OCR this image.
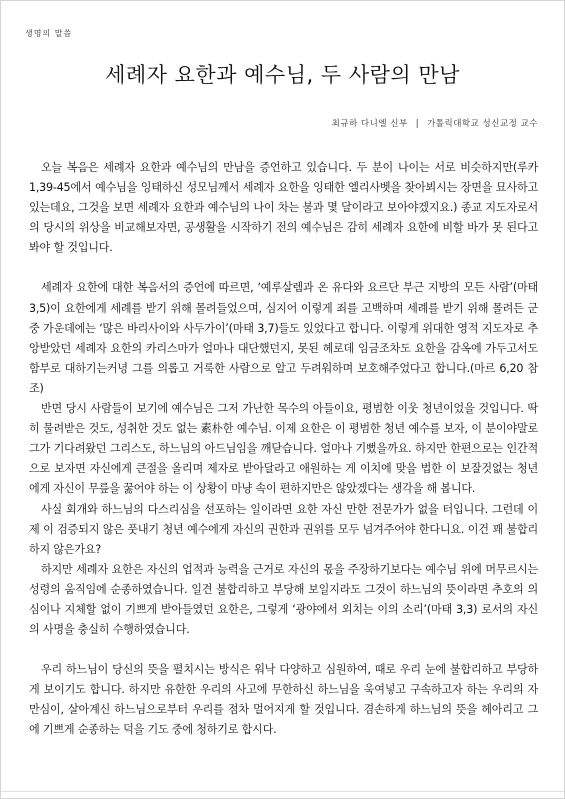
생명의 말씀
세례자 요한과 예수님, 두 사람의 만남
최규하 다니엘 신부 | 가톨릭대학교 성신교정 교수

오늘 복음은 세례자 요한과 예수님의 만남을 증언하고 있습니다. 두 분이 나이는 서로 비슷하지만(루카 1,39-45에서 예수님을 잉태하신 성모님께서 세례자 요한을 잉태한 엘리사벳을 찾아뵈시는 장면을 묘사하고 있는데요, 그것을 보면 세례자 요한과 예수님의 나이 차는 불과 몇 달이라고 보아야겠지요.) 종교 지도자로서의 당시의 위상을 비교해보자면, 공생활을 시작하기 전의 예수님은 감히 세례자 요한에 비할 바가 못 된다고 봐야 할 것입니다.

세례자 요한에 대한 복음서의 증언에 따르면, ‘예루살렘과 온 유다와 요르단 부근 지방의 모든 사람’(마태 3,5)이 요한에게 세례를 받기 위해 몰려들었으며, 심지어 이렇게 죄를 고백하며 세례를 받기 위해 몰려든 군중 가운데에는 ‘많은 바리사이와 사두가이’(마태 3,7)들도 있었다고 합니다. 이렇게 위대한 영적 지도자로 추앙받았던 세례자 요한의 카리스마가 얼마나 대단했던지, 못된 헤로데 임금조차도 요한을 감옥에 가두고서도 함부로 대하기는커녕 그를 의롭고 거룩한 사람으로 알고 두려워하며 보호해주었다고 합니다.(마르 6,20 참조)

반면 당시 사람들이 보기에 예수님은 그저 가난한 목수의 아들이요, 평범한 이웃 청년이었을 것입니다. 딱히 물려받은 것도, 성취한 것도 없는 素朴한 예수님. 이제 요한은 이 평범한 청년 예수를 보자, 이 분이야말로 그가 기다려왔던 그리스도, 하느님의 아드님임을 깨닫습니다. 얼마나 기뻤을까요. 하지만 한편으로는 인간적으로 보자면 자신에게 큰절을 올리며 제자로 받아달라고 애원하는 게 이치에 맞을 법한 이 보잘것없는 청년에게 자신이 무릎을 꿇어야 하는 이 상황이 마냥 속이 편하지만은 않았겠다는 생각을 해 봅니다.

사실 회개와 하느님의 다스리심을 선포하는 일이라면 요한 자신 만한 전문가가 없을 터입니다. 그런데 이제 이 검증되지 않은 풋내기 청년 예수에게 자신의 권한과 권위를 모두 넘겨주어야 한다니요. 이건 꽤 불합리하지 않은가요?

하지만 세례자 요한은 자신의 업적과 능력을 근거로 자신의 몫을 주장하기보다는 예수님 위에 머무르시는 성령의 움직임에 순종하였습니다. 일견 불합리하고 부당해 보일지라도 그것이 하느님의 뜻이라면 추호의 의심이나 지체할 없이 기쁘게 받아들였던 요한은, 그렇게 ‘광야에서 외치는 이의 소리’(마태 3,3) 로서의 자신의 사명을 충실히 수행하였습니다.

우리 하느님이 당신의 뜻을 펼치시는 방식은 워낙 다양하고 심원하여, 때로 우리 눈에 불합리하고 부당하게 보이기도 합니다. 하지만 유한한 우리의 사고에 무한하신 하느님을 욱여넣고 구속하고자 하는 우리의 자만심이, 살아계신 하느님으로부터 우리를 점차 멀어지게 할 것입니다. 겸손하게 하느님의 뜻을 헤아리고 그에 기쁘게 순종하는 덕을 기도 중에 청하기로 합시다.
